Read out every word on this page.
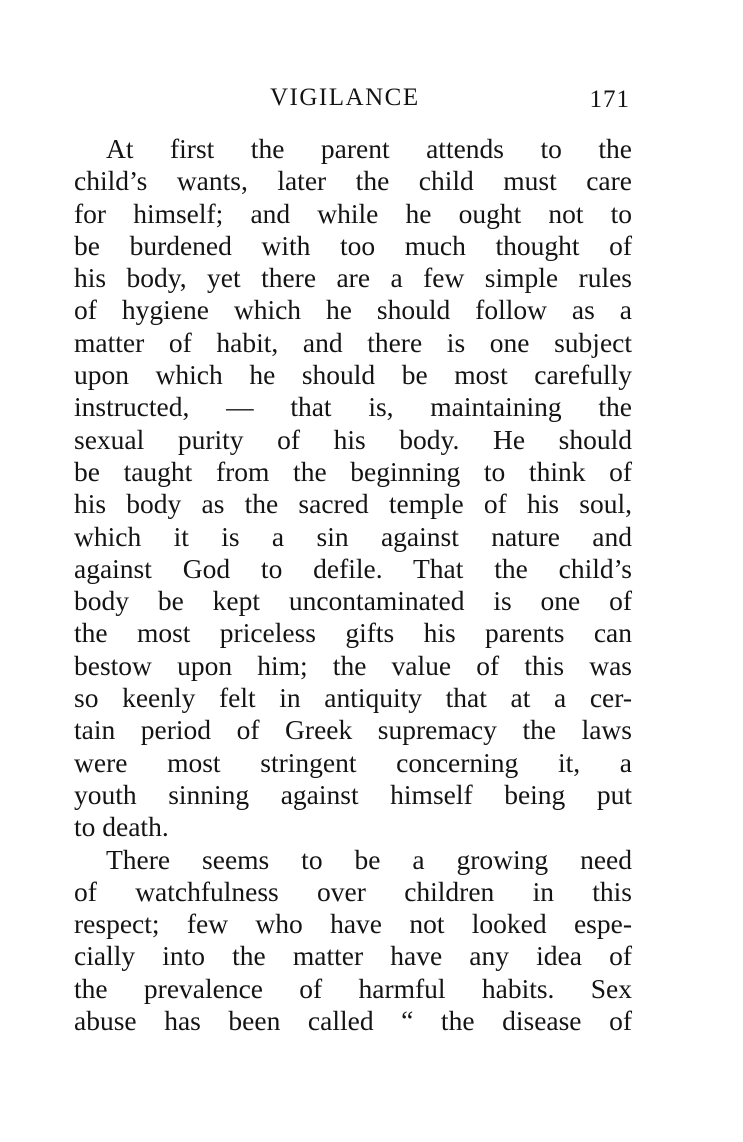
VIGILANCE	171
At first the parent attends to the
child’s wants, later the child must care
for himself; and while he ought not to
be burdened with too much thought of
his body, yet there are a few simple rules
of hygiene which he should follow as a
matter of habit, and there is one subject
upon which he should be most carefully
instructed, — that is, maintaining the
sexual purity of his body. He should
be taught from the beginning to think of
his body as the sacred temple of his soul,
which it is a sin against nature and
against God to defile. That the child’s
body be kept uncontaminated is one of
the most priceless gifts his parents can
bestow upon him; the value of this was
so keenly felt in antiquity that at a cer-
tain period of Greek supremacy the laws
were most stringent concerning it, a
youth sinning against himself being put
to death.
There seems to be a growing need
of watchfulness over children in this
respect; few who have not looked espe-
cially into the matter have any idea of
the prevalence of harmful habits. Sex
abuse has been called “ the disease of
